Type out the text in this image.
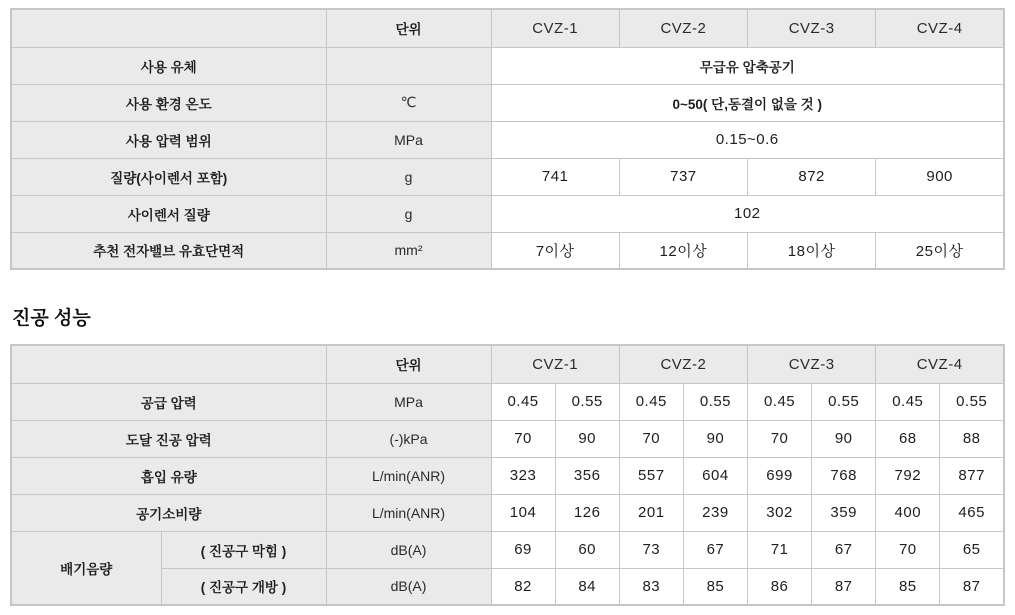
	단위	CVZ-1	CVZ-2	CVZ-3	CVZ-4
사용 유체		무급유 압축공기			
사용 환경 온도	℃	0~50( 단,동결이 없을 것 )			
사용 압력 범위	MPa	0.15~0.6			
질량(사이렌서 포함)	g	741	737	872	900
사이렌서 질량	g	102			
추천 전자밸브 유효단면적	mm²	7이상	12이상	18이상	25이상
진공 성능
		단위	CVZ-1		CVZ-2		CVZ-3		CVZ-4	
공급 압력		MPa	0.45	0.55	0.45	0.55	0.45	0.55	0.45	0.55
도달 진공 압력		(-)kPa	70	90	70	90	70	90	68	88
흡입 유량		L/min(ANR)	323	356	557	604	699	768	792	877
공기소비량		L/min(ANR)	104	126	201	239	302	359	400	465
배기음량	( 진공구 막힘 )	dB(A)	69	60	73	67	71	67	70	65
	( 진공구 개방 )	dB(A)	82	84	83	85	86	87	85	87
